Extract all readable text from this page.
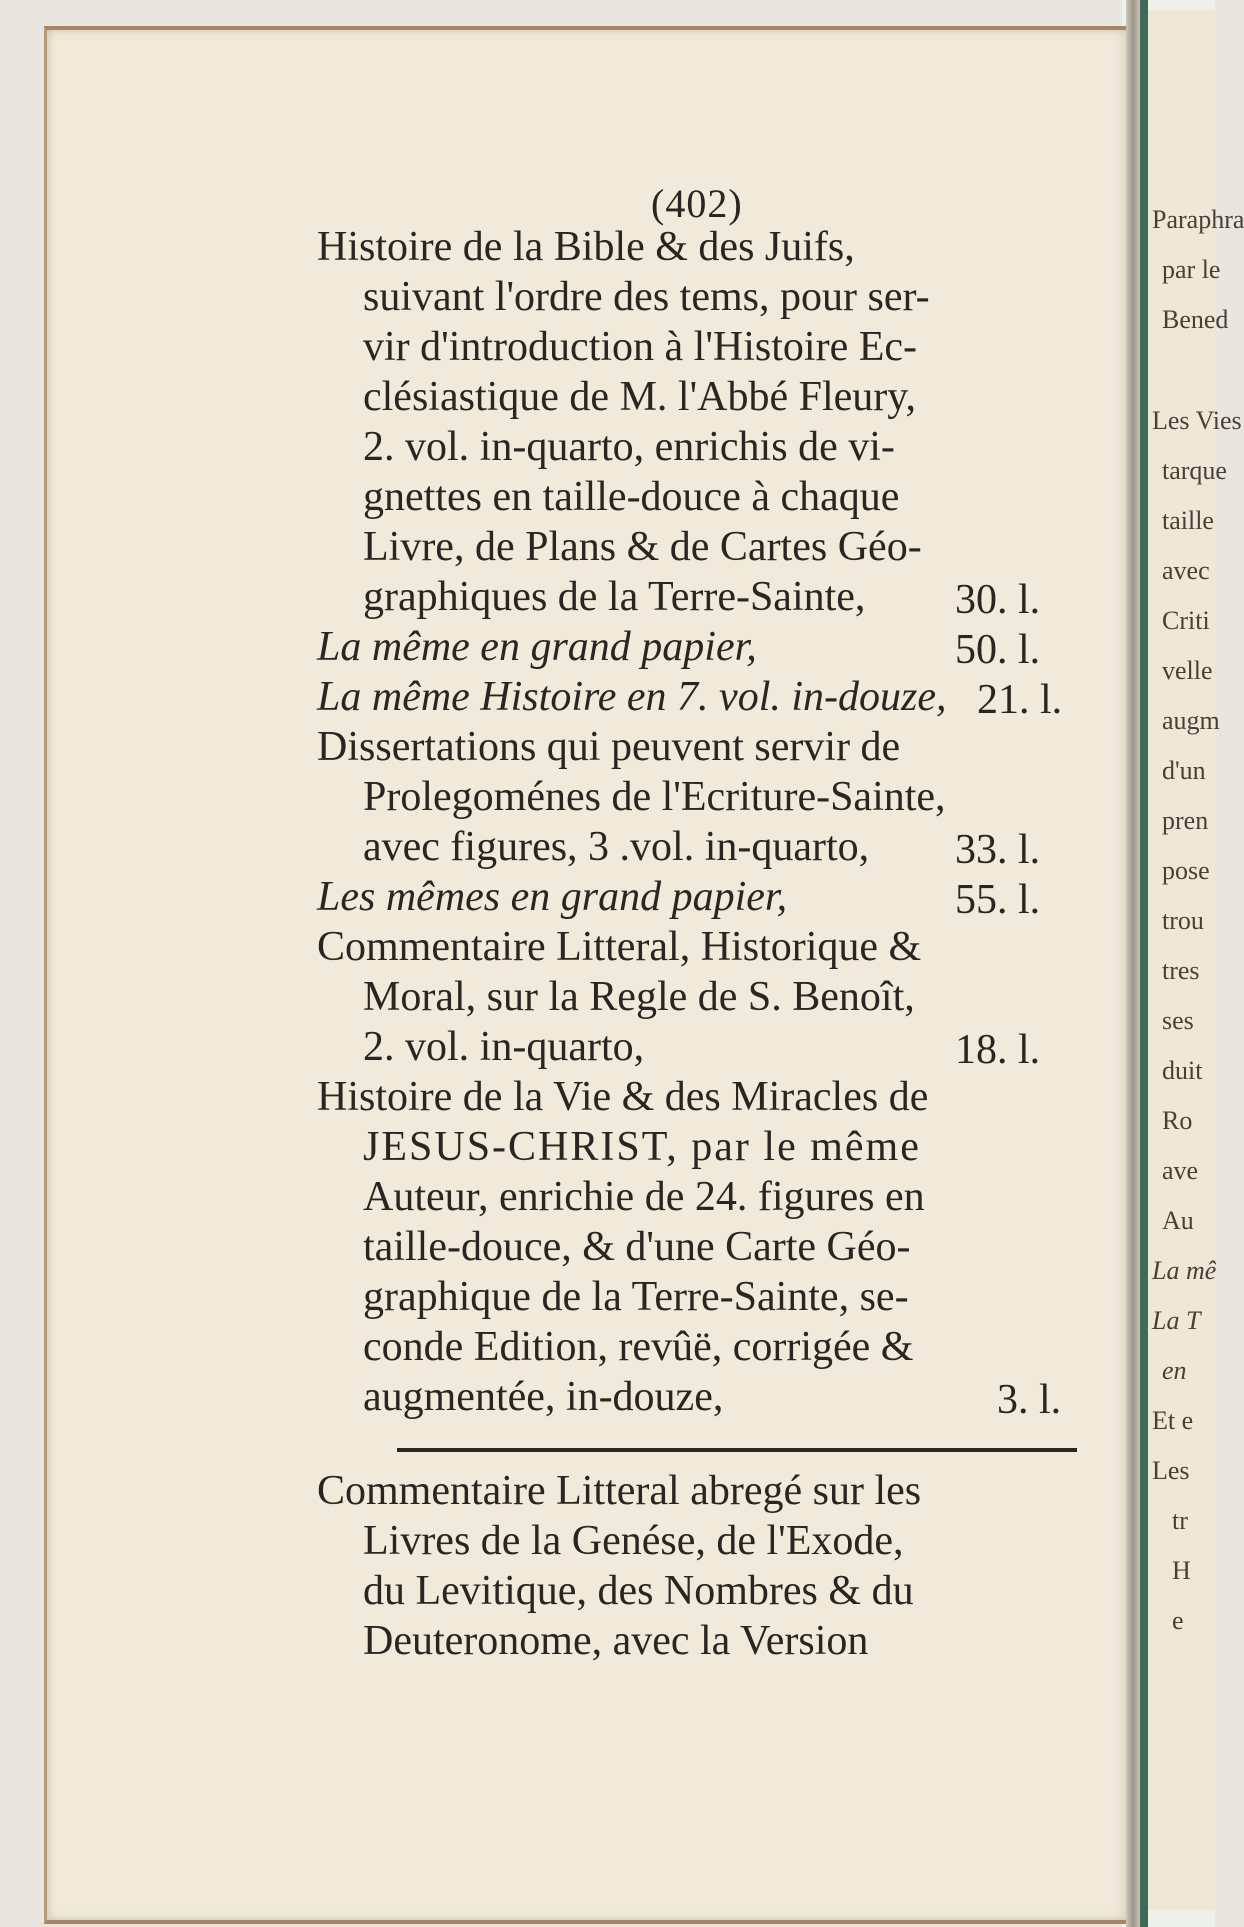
(402)
Histoire de la Bible & des Juifs,
suivant l'ordre des tems, pour ser-
vir d'introduction à l'Histoire Ec-
clésiastique de M. l'Abbé Fleury,
2. vol. in-quarto, enrichis de vi-
gnettes en taille-douce à chaque
Livre, de Plans & de Cartes Géo-
graphiques de la Terre-Sainte, 30. l.
La même en grand papier,	50. l.
La même Histoire en 7. vol. in-douze, 21. l.
Dissertations qui peuvent servir de
Prolegoménes de l'Ecriture-Sainte,
avec figures, 3 .vol. in-quarto, 33. l.
Les mêmes en grand papier,	55. l.
Commentaire Litteral, Historique &
Moral, sur la Regle de S. Benoît,
2. vol. in-quarto,	18. l.
Histoire de la Vie & des Miracles de
JESUS-CHRIST, par le même
Auteur, enrichie de 24. figures en
taille-douce, & d'une Carte Géo-
graphique de la Terre-Sainte, se-
conde Edition, revûë, corrigée &
augmentée, in-douze,	3. l.
Commentaire Litteral abregé sur les
Livres de la Genése, de l'Exode,
du Levitique, des Nombres & du
Deuteronome, avec la Version
Paraphra
par le
Bened
Les Vies
tarque
taille
avec
Criti
velle
augm
d'un
pren
pose
trou
tres
ses
duit
Ro
ave
Au
La mê
La T
en
Et e
Les
tr
H
e
